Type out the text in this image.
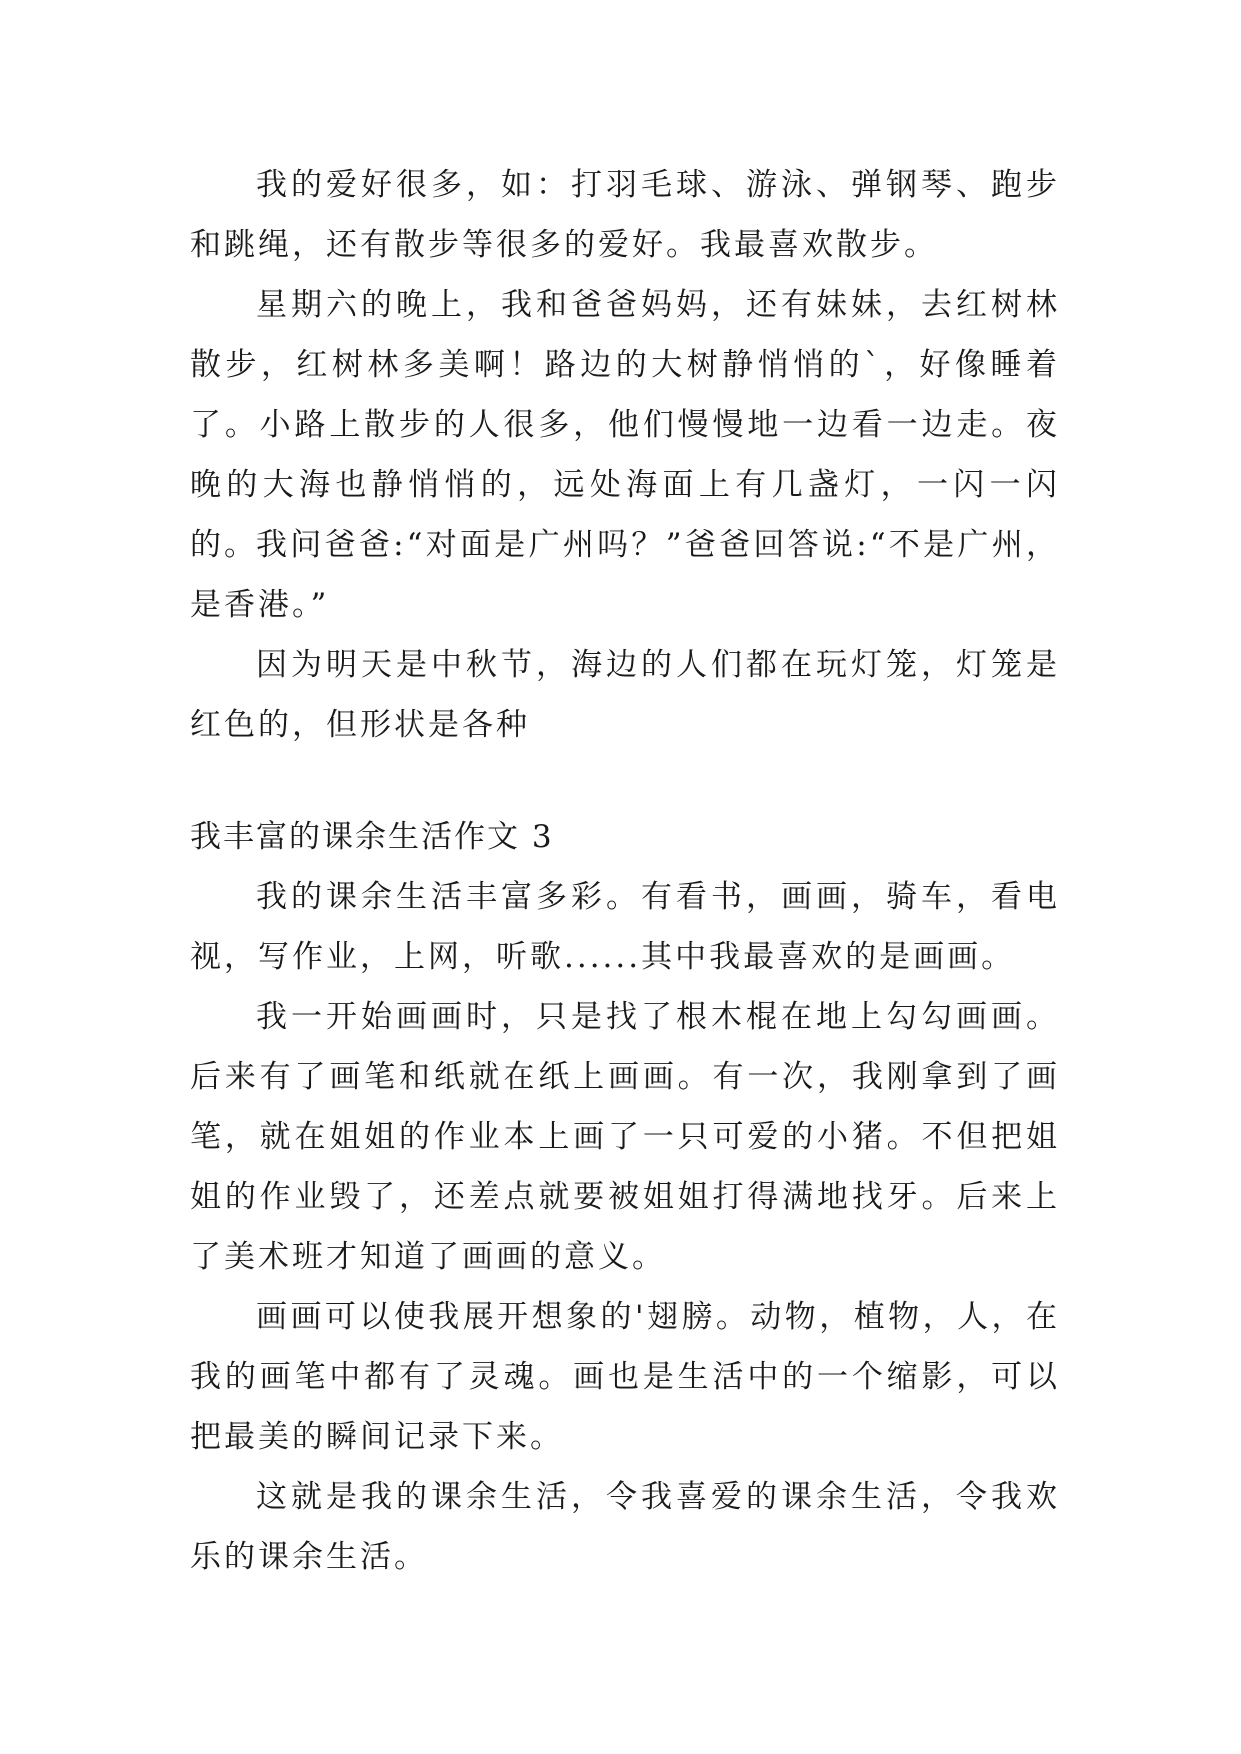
我的爱好很多，如：打羽毛球、游泳、弹钢琴、跑步和跳绳，还有散步等很多的爱好。我最喜欢散步。

星期六的晚上，我和爸爸妈妈，还有妹妹，去红树林散步，红树林多美啊！路边的大树静悄悄的`，好像睡着了。小路上散步的人很多，他们慢慢地一边看一边走。夜晚的大海也静悄悄的，远处海面上有几盏灯，一闪一闪的。

我问爸爸:“对面是广州吗？”爸爸回答说:“不是广州，是香港。”

因为明天是中秋节，海边的人们都在玩灯笼，灯笼是红色的，但形状是各种

我丰富的课余生活作文 3

我的课余生活丰富多彩。有看书，画画，骑车，看电视，写作业，上网，听歌......其中我最喜欢的是画画。

我一开始画画时，只是找了根木棍在地上勾勾画画。后来有了画笔和纸就在纸上画画。有一次，我刚拿到了画笔，就在姐姐的作业本上画了一只可爱的小猪。不但把姐姐的作业毁了，还差点就要被姐姐打得满地找牙。后来上了美术班才知道了画画的意义。

画画可以使我展开想象的'翅膀。动物，植物，人，在我的画笔中都有了灵魂。画也是生活中的一个缩影，可以把最美的瞬间记录下来。

这就是我的课余生活，令我喜爱的课余生活，令我欢乐的课余生活。
